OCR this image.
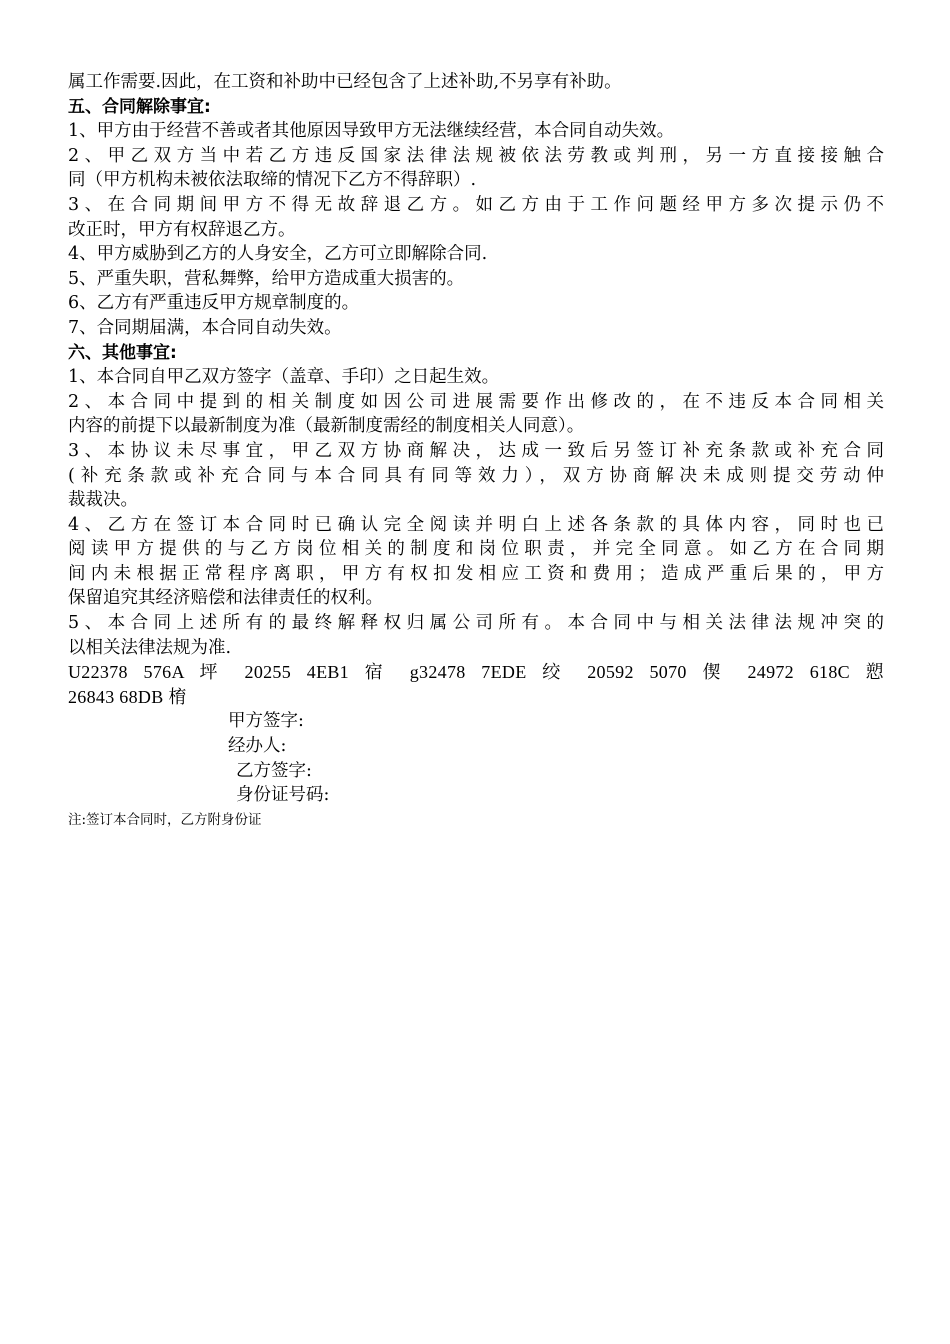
属工作需要.因此，在工资和补助中已经包含了上述补助,不另享有补助。

五、合同解除事宜:

1、甲方由于经营不善或者其他原因导致甲方无法继续经营，本合同自动失效。

2、甲乙双方当中若乙方违反国家法律法规被依法劳教或判刑，另一方直接接触合

同（甲方机构未被依法取缔的情况下乙方不得辞职）.

3、在合同期间甲方不得无故辞退乙方。如乙方由于工作问题经甲方多次提示仍不

改正时，甲方有权辞退乙方。

4、甲方威胁到乙方的人身安全，乙方可立即解除合同.

5、严重失职，营私舞弊，给甲方造成重大损害的。

6、乙方有严重违反甲方规章制度的。

7、合同期届满，本合同自动失效。

六、其他事宜:

1、本合同自甲乙双方签字（盖章、手印）之日起生效。

2、本合同中提到的相关制度如因公司进展需要作出修改的，在不违反本合同相关

内容的前提下以最新制度为准（最新制度需经的制度相关人同意）。

3、本协议未尽事宜，甲乙双方协商解决，达成一致后另签订补充条款或补充合同

(补充条款或补充合同与本合同具有同等效力），双方协商解决未成则提交劳动仲

裁裁决。

4、乙方在签订本合同时已确认完全阅读并明白上述各条款的具体内容，同时也已

阅读甲方提供的与乙方岗位相关的制度和岗位职责，并完全同意。如乙方在合同期

间内未根据正常程序离职，甲方有权扣发相应工资和费用；造成严重后果的，甲方

保留追究其经济赔偿和法律责任的权利。

5、本合同上述所有的最终解释权归属公司所有。本合同中与相关法律法规冲突的

以相关法律法规为准.

U22378 576A 坪 20255 4EB1 宿 g32478 7EDE 绞 20592 5070 偰 24972 618C 愬

26843 68DB 棛

甲方签字:

经办人:

乙方签字:

身份证号码:

注:签订本合同时，乙方附身份证
